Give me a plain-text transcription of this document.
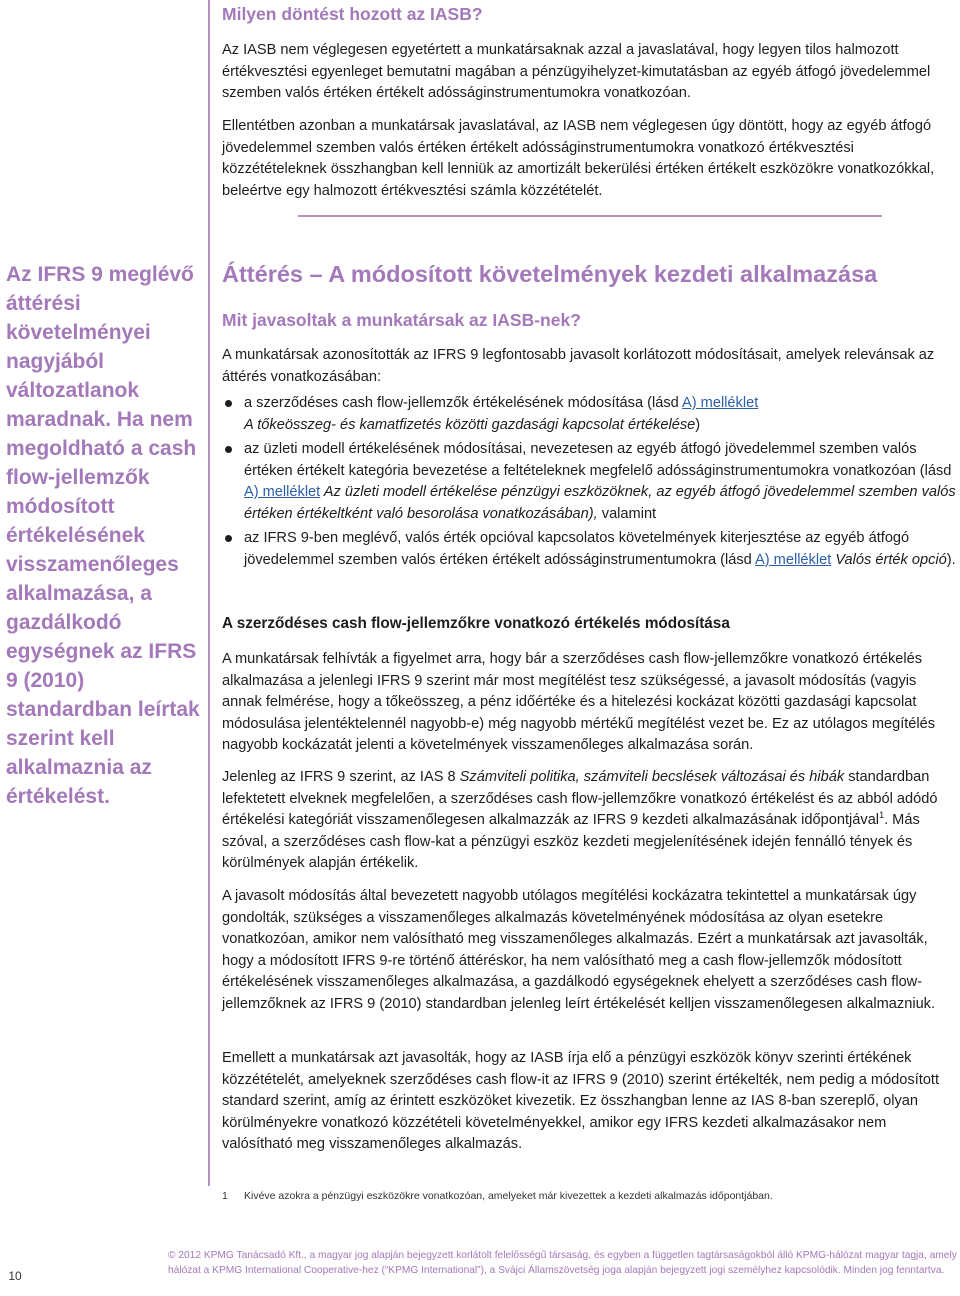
Milyen döntést hozott az IASB?

Az IASB nem véglegesen egyetértett a munkatársaknak azzal a javaslatával, hogy legyen tilos halmozott értékvesztési egyenleget bemutatni magában a pénzügyihelyzet-kimutatásban az egyéb átfogó jövedelemmel szemben valós értéken értékelt adósságinstrumentumokra vonatkozóan.

Ellentétben azonban a munkatársak javaslatával, az IASB nem véglegesen úgy döntött, hogy az egyéb átfogó jövedelemmel szemben valós értéken értékelt adósságinstrumentumokra vonatkozó értékvesztési közzétételeknek összhangban kell lenniük az amortizált bekerülési értéken értékelt eszközökre vonatkozókkal, beleértve egy halmozott értékvesztési számla közzétételét.

Az IFRS 9 meglévő áttérési követelményei nagyjából változatlanok maradnak. Ha nem megoldható a cash flow-jellemzők módosított értékelésének visszamenőleges alkalmazása, a gazdálkodó egységnek az IFRS 9 (2010) standardban leírtak szerint kell alkalmaznia az értékelést.
Áttérés – A módosított követelmények kezdeti alkalmazása
Mit javasoltak a munkatársak az IASB-nek?

A munkatársak azonosították az IFRS 9 legfontosabb javasolt korlátozott módosításait, amelyek relevánsak az áttérés vonatkozásában:

a szerződéses cash flow-jellemzők értékelésének módosítása (lásd A) melléklet
A tőkeösszeg- és kamatfizetés közötti gazdasági kapcsolat értékelése)
az üzleti modell értékelésének módosításai, nevezetesen az egyéb átfogó jövedelemmel szemben valós értéken értékelt kategória bevezetése a feltételeknek megfelelő adósságinstrumentumokra vonatkozóan (lásd A) melléklet Az üzleti modell értékelése pénzügyi eszközöknek, az egyéb átfogó jövedelemmel szemben valós értéken értékeltként való besorolása vonatkozásában), valamint
az IFRS 9-ben meglévő, valós érték opcióval kapcsolatos követelmények kiterjesztése az egyéb átfogó jövedelemmel szemben valós értéken értékelt adósságinstrumentumokra (lásd A) melléklet Valós érték opció).
A szerződéses cash flow-jellemzőkre vonatkozó értékelés módosítása

A munkatársak felhívták a figyelmet arra, hogy bár a szerződéses cash flow-jellemzőkre vonatkozó értékelés alkalmazása a jelenlegi IFRS 9 szerint már most megítélést tesz szükségessé, a javasolt módosítás (vagyis annak felmérése, hogy a tőkeösszeg, a pénz időértéke és a hitelezési kockázat közötti gazdasági kapcsolat módosulása jelentéktelennél nagyobb-e) még nagyobb mértékű megítélést vezet be. Ez az utólagos megítélés nagyobb kockázatát jelenti a követelmények visszamenőleges alkalmazása során.

Jelenleg az IFRS 9 szerint, az IAS 8 Számviteli politika, számviteli becslések változásai és hibák standardban lefektetett elveknek megfelelően, a szerződéses cash flow-jellemzőkre vonatkozó értékelést és az abból adódó értékelési kategóriát visszamenőlegesen alkalmazzák az IFRS 9 kezdeti alkalmazásának időpontjával$^1$. Más szóval, a szerződéses cash flow-kat a pénzügyi eszköz kezdeti megjelenítésének idején fennálló tények és körülmények alapján értékelik.

A javasolt módosítás által bevezetett nagyobb utólagos megítélési kockázatra tekintettel a munkatársak úgy gondolták, szükséges a visszamenőleges alkalmazás követelményének módosítása az olyan esetekre vonatkozóan, amikor nem valósítható meg visszamenőleges alkalmazás. Ezért a munkatársak azt javasolták, hogy a módosított IFRS 9-re történő áttéréskor, ha nem valósítható meg a cash flow-jellemzők módosított értékelésének visszamenőleges alkalmazása, a gazdálkodó egységeknek ehelyett a szerződéses cash flow-jellemzőknek az IFRS 9 (2010) standardban jelenleg leírt értékelését kelljen visszamenőlegesen alkalmazniuk.

Emellett a munkatársak azt javasolták, hogy az IASB írja elő a pénzügyi eszközök könyv szerinti értékének közzétételét, amelyeknek szerződéses cash flow-it az IFRS 9 (2010) szerint értékelték, nem pedig a módosított standard szerint, amíg az érintett eszközöket kivezetik. Ez összhangban lenne az IAS 8-ban szereplő, olyan körülményekre vonatkozó közzétételi követelményekkel, amikor egy IFRS kezdeti alkalmazásakor nem valósítható meg visszamenőleges alkalmazás.

1 Kivéve azokra a pénzügyi eszközökre vonatkozóan, amelyeket már kivezettek a kezdeti alkalmazás időpontjában.
10
© 2012 KPMG Tanácsadó Kft., a magyar jog alapján bejegyzett korlátolt felelősségű társaság, és egyben a független tagtársaságokból álló KPMG-hálózat magyar tagja, amely hálózat a KPMG International Cooperative-hez (“KPMG International”), a Svájci Államszövetség joga alapján bejegyzett jogi személyhez kapcsolódik. Minden jog fenntartva.
